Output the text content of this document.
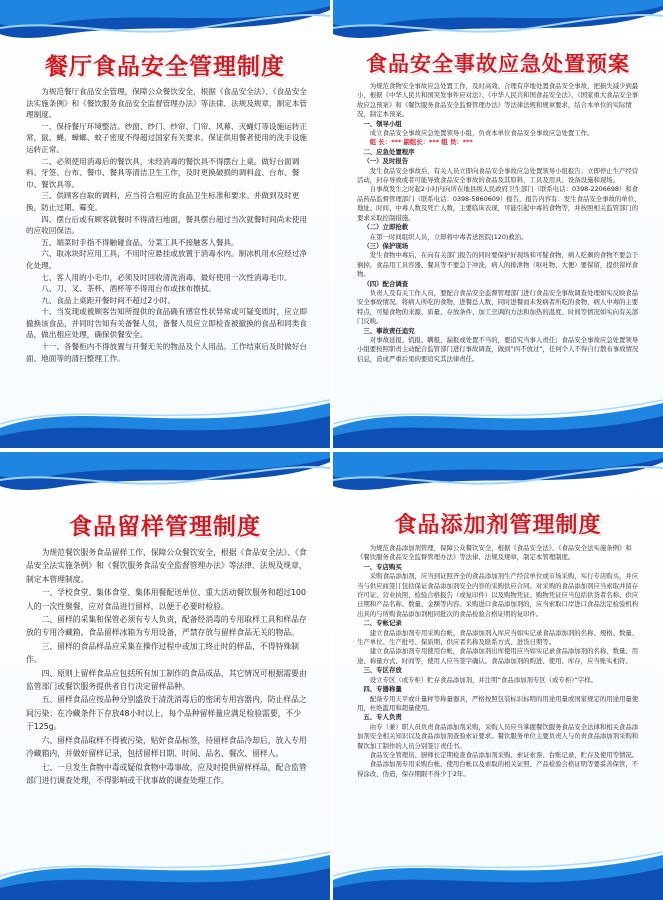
餐厅食品安全管理制度

为规范餐厅食品安全管理，保障公众餐饮安全，根据《食品安全法》、《食品安全法实施条例》和《餐饮服务食品安全监督管理办法》等法律、法规及规章，制定本管理制度。

一、保持餐厅环境整洁。纱窗、纱门、纱帘、门帘、风幕、灭蝇灯等设施运转正常，鼠、蝇、蟑螂、蚊子密度不得超过国家有关要求。保证供用餐者使用的洗手设施运转正常。

二、必须使用消毒后的餐饮具，未经消毒的餐饮具不得摆台上桌。做好台面调料、牙签、台布、餐巾、餐具等清洁卫生工作，及时更换破损的调料盒、台布、餐巾、餐饮具等。

三、供顾客自取的调料，应当符合相应的食品卫生标准和要求。并做到及时更换，防止过期、霉变。

四、摆台后或有顾客就餐时不得清扫地面，餐具摆台超过当次就餐时间尚未使用的应收回保洁。

五、端菜时手指不得触碰食品，分菜工具不接触客人餐具。

六、取冰块时应用工具，不用时应悬挂或放置于消毒水内。制冰机用水应经过净化处理。

七、客人用的小毛巾，必须及时回收清洗消毒，最好使用一次性消毒毛巾。

八、刀、叉、茶杯、酒杯等不得用台布或抹布擦拭。

九、食品上桌距开餐时间不超过2小时。

十、当发现或被顾客告知所提供的食品确有感官性状异常或可疑变质时，应立即撤换该食品，并同时告知有关备餐人员，备餐人员应立即检查被撤换的食品和同类食品，做出相应处理，确保供餐安全。

十一、各餐柜内不得放置与开餐无关的物品及个人用品。工作结束后及时做好台面、地面等的清扫整理工作。

食品安全事故应急处置预案

为规范食物安全事故应急处置工作，及时高效、合理有序地处置食品安全事故，把损失减少到最小，根据《中华人民共和国突发事件应对法》、《中华人民共和国食品安全法》、《国家重大食品安全事故应急预案》和《餐饮服务食品安全监督管理办法》等法律法规和规章要求，结合本单位的实际情况，制定本预案。

一、领导小组

成立食品安全事故应急处置领导小组，负责本单位食品安全事故应急处置工作。

组 长：*** 副组长：*** 组 员：***

二、应急处置程序

（一）及时报告

发生食品安全事故后，有关人员立即向食品安全事故应急处置领导小组报告；立即停止生产经营活动，封存导致或者可能导致食品安全事故的食品及其原料、工具及用具、设备设施和现场。

自事故发生之时起2小时内向所在地县级人民政府卫生部门（联系电话：0398-2206698）和食品药品监督管理部门（联系电话：0398-5860609）报告，报告内容有：发生食品安全事故的单位、地址、时间、中毒人数及死亡人数，主要临床表现，可能引起中毒的食物等，并按照相关监管部门的要求采取控制措施。

（二）立即抢救

在第一时间组织人员，立即将中毒者送医院(120)救治。

（三）保护现场

发生食物中毒后，在向有关部门报告的同时要保护好现场和可疑食物，病人吃剩的食物不要急于倒掉，食品用工具容器、餐具等不要急于冲洗，病人的排泄物（呕吐物、大便）要保留，提供留样食物。

（四）配合调查

负责人及有关工作人员，要配合食品安全监督管理部门进行食品安全事故调查处理如实反映食品安全事故情况。将病人所吃的食物，进餐总人数，同时进餐而未发病者所吃的食物，病人中毒的主要特点，可疑食物的来源、质量、存放条件、加工烹调的方法和加热的温度、时间等情况如实向有关部门反映。

三、事故责任追究

对事故延报、慌报、瞒报、漏报或处置不当的，要追究当事人责任；食品安全事故应急处置领导小组要按照职责主动配合监管部门进行事故调查，做到“四不放过”，任何个人不得自行散布事故情况信息，造成严重后果的要追究其法律责任。

食品留样管理制度

为规范餐饮服务食品留样工作，保障公众餐饮安全，根据《食品安全法》、《食品安全法实施条例》和《餐饮服务食品安全监督管理办法》等法律、法规及规章，制定本管理制度。

一、学校食堂、集体食堂、集体用餐配送单位、重大活动餐饮服务和超过100人的一次性聚餐，应对食品进行留样，以便于必要时检验。

二、留样的采集和保管必须有专人负责，配备经消毒的专用取样工具和样品存放的专用冷藏箱。食品留样冰箱为专用设备，严禁存放与留样食品无关的物品。

三、留样的食品样品应采集在操作过程中或加工终止时的样品，不得特殊制作。

四、原则上留样食品应包括所有加工制作的食品成品，其它情况可根据需要由监管部门或餐饮服务提供者自行决定留样品种。

五、留样食品应按品种分别盛放于清洗消毒后的密闭专用容器内，防止样品之间污染；在冷藏条件下存放48小时以上，每个品种留样量应满足检验需要，不少于125g。

六、留样食品取样不得被污染，贴好食品标签，待留样食品冷却后，放入专用冷藏箱内，并做好留样记录，包括留样日期、时间、品名、餐次、留样人。

七、一旦发生食物中毒或疑似食物中毒事故，应及时提供留样样品，配合监管部门进行调查处理，不得影响或干扰事故的调查处理工作。

食品添加剂管理制度

为规范食品添加剂管理，保障公众餐饮安全，根据《食品安全法》、《食品安全法实施条例》和《餐饮服务食品安全监督管理办法》等法律、法规及规章，制定本管理制度。

一、专店购买

采购食品添加剂，应当到证照齐全的食品添加剂生产经营单位或市场采购，实行专店购买，并应当与供应商签订包括保证食品添加剂安全内容的采购供应合同。对采购的食品添加剂应当索取并留存许可证、营业执照、检验合格报告（或复印件）以及购物凭证。购物凭证应当包括供货者名称、供应日期和产品名称、数量、金额等内容。采购进口食品添加剂的，应当索取口岸进口食品法定检验机构出具的与所购食品添加剂相同批次的食品检验合格证明的复印件。

二、专帐记录

建立食品添加剂专用采购台帐，食品添加剂入库应当如实记录食品添加剂的名称、规格、数量、生产单位、生产批号、保质期、供应者名称及联系方式、进货日期等。

建立食品添加剂专用使用台帐，食品添加剂出库使用应当如实记录食品添加剂的名称、数量、用途、称量方式、时间等，使用人应当签字确认。食品添加剂的购进、使用、库存，应当账实相符。

三、专区存放

设立专区（或专柜）贮存食品添加剂，并注明“食品添加剂专区（或专柜）”字样。

四、专器称量

配备专用天平或计量秤等称量器具，严格按照包装标识标明的用途用量或国家规定的用途用量使用，杜绝滥用和超量使用。

五、专人负责

由专（兼）职人员负责食品添加剂采购，采购人员应当掌握餐饮服务食品安全法律和相关食品添加剂安全相关知识以及食品添加剂查验索证要求。餐饮服务单位主要负责人与负责食品添加剂采购和餐饮加工制作的人员分别签订责任书。

食品安全管理员、厨师长定期检查食品添加剂采购、索证索票、台账记录、贮存及使用等情况。

食品添加剂专用采购台帐、使用台帐以及索取的相关证照、产品检验合格证明等要妥善保管，不得涂改、伪造，保存期限不得少于2年。
